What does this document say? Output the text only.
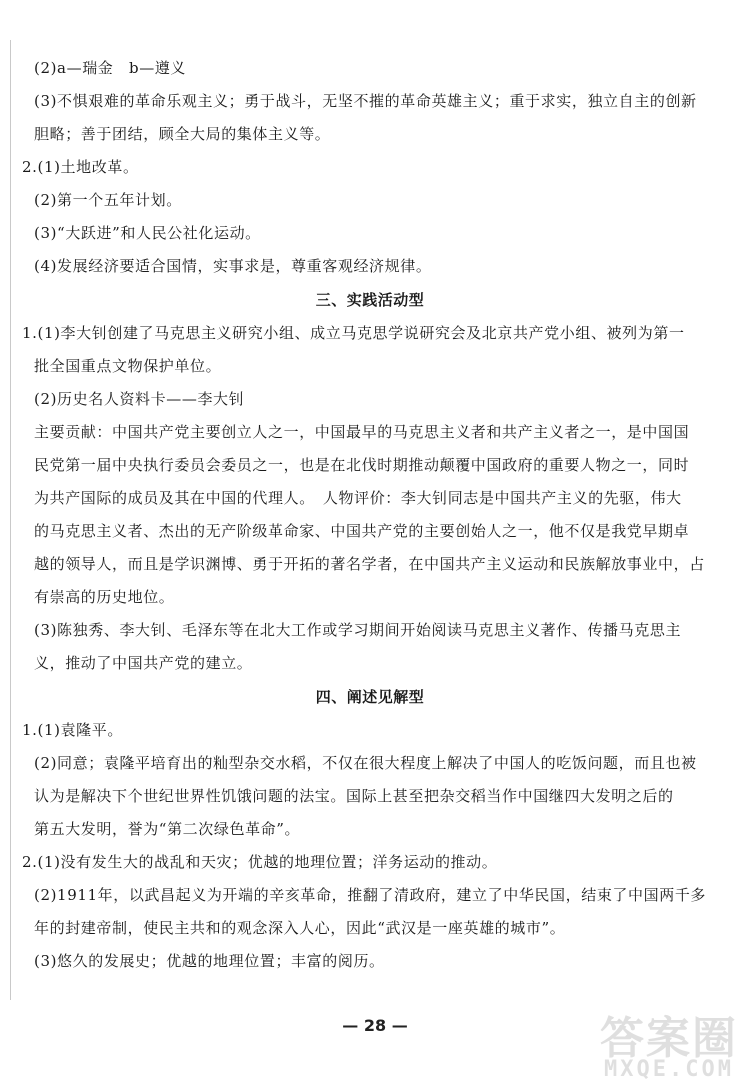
(2)a—瑞金　b—遵义
(3)不惧艰难的革命乐观主义；勇于战斗，无坚不摧的革命英雄主义；重于求实，独立自主的创新
胆略；善于团结，顾全大局的集体主义等。
2.(1)土地改革。
(2)第一个五年计划。
(3)“大跃进”和人民公社化运动。
(4)发展经济要适合国情，实事求是，尊重客观经济规律。
三、实践活动型
1.(1)李大钊创建了马克思主义研究小组、成立马克思学说研究会及北京共产党小组、被列为第一
批全国重点文物保护单位。
(2)历史名人资料卡——李大钊
主要贡献：中国共产党主要创立人之一，中国最早的马克思主义者和共产主义者之一，是中国国
民党第一届中央执行委员会委员之一，也是在北伐时期推动颠覆中国政府的重要人物之一，同时
为共产国际的成员及其在中国的代理人。　人物评价：李大钊同志是中国共产主义的先驱，伟大
的马克思主义者、杰出的无产阶级革命家、中国共产党的主要创始人之一，他不仅是我党早期卓
越的领导人，而且是学识渊博、勇于开拓的著名学者，在中国共产主义运动和民族解放事业中，占
有崇高的历史地位。
(3)陈独秀、李大钊、毛泽东等在北大工作或学习期间开始阅读马克思主义著作、传播马克思主
义，推动了中国共产党的建立。
四、阐述见解型
1.(1)袁隆平。
(2)同意；袁隆平培育出的籼型杂交水稻，不仅在很大程度上解决了中国人的吃饭问题，而且也被
认为是解决下个世纪世界性饥饿问题的法宝。国际上甚至把杂交稻当作中国继四大发明之后的
第五大发明，誉为“第二次绿色革命”。
2.(1)没有发生大的战乱和天灾；优越的地理位置；洋务运动的推动。
(2)1911年，以武昌起义为开端的辛亥革命，推翻了清政府，建立了中华民国，结束了中国两千多
年的封建帝制，使民主共和的观念深入人心，因此“武汉是一座英雄的城市”。
(3)悠久的发展史；优越的地理位置；丰富的阅历。
— 28 —	答案圈
MXQE.COM
